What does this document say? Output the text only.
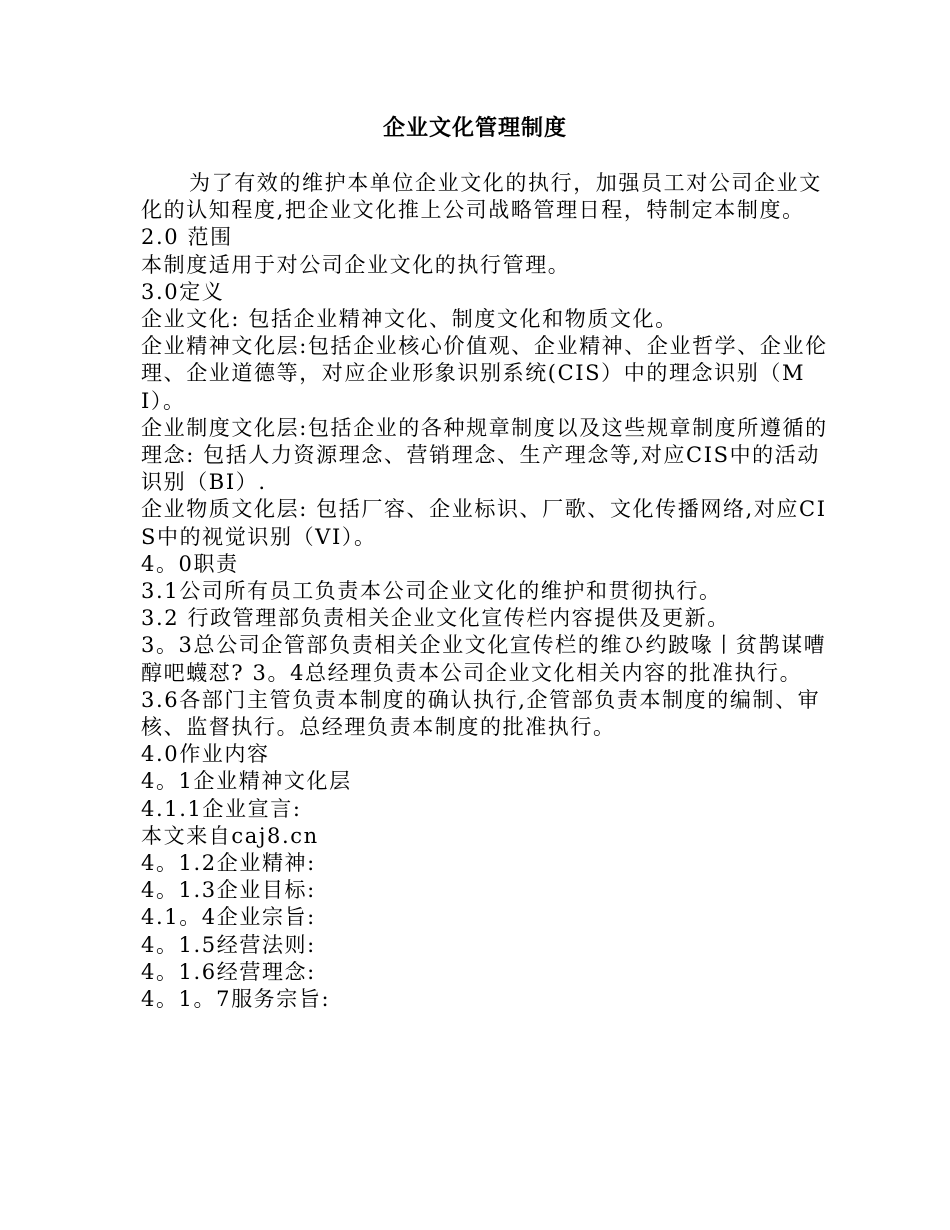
企业文化管理制度

为了有效的维护本单位企业文化的执行，加强员工对公司企业文化的认知程度,把企业文化推上公司战略管理日程，特制定本制度。

2.0 范围

本制度适用于对公司企业文化的执行管理。

3.0定义

企业文化: 包括企业精神文化、制度文化和物质文化。

企业精神文化层:包括企业核心价值观、企业精神、企业哲学、企业伦理、企业道德等，对应企业形象识别系统(CIS）中的理念识别（MI）。

企业制度文化层:包括企业的各种规章制度以及这些规章制度所遵循的理念: 包括人力资源理念、营销理念、生产理念等,对应CIS中的活动识别（BI）.

企业物质文化层: 包括厂容、企业标识、厂歌、文化传播网络,对应CIS中的视觉识别（VI）。

4。0职责

3.1公司所有员工负责本公司企业文化的维护和贯彻执行。

3.2 行政管理部负责相关企业文化宣传栏内容提供及更新。

3。3总公司企管部负责相关企业文化宣传栏的维ひ约跛喙丨贫鹊谋嘈醇吧蠛怼? 3。4总经理负责本公司企业文化相关内容的批准执行。

3.6各部门主管负责本制度的确认执行,企管部负责本制度的编制、审核、监督执行。总经理负责本制度的批准执行。

4.0作业内容

4。1企业精神文化层

4.1.1企业宣言:

本文来自caj8.cn

4。1.2企业精神:

4。1.3企业目标:

4.1。4企业宗旨:

4。1.5经营法则:

4。1.6经营理念:

4。1。7服务宗旨:
